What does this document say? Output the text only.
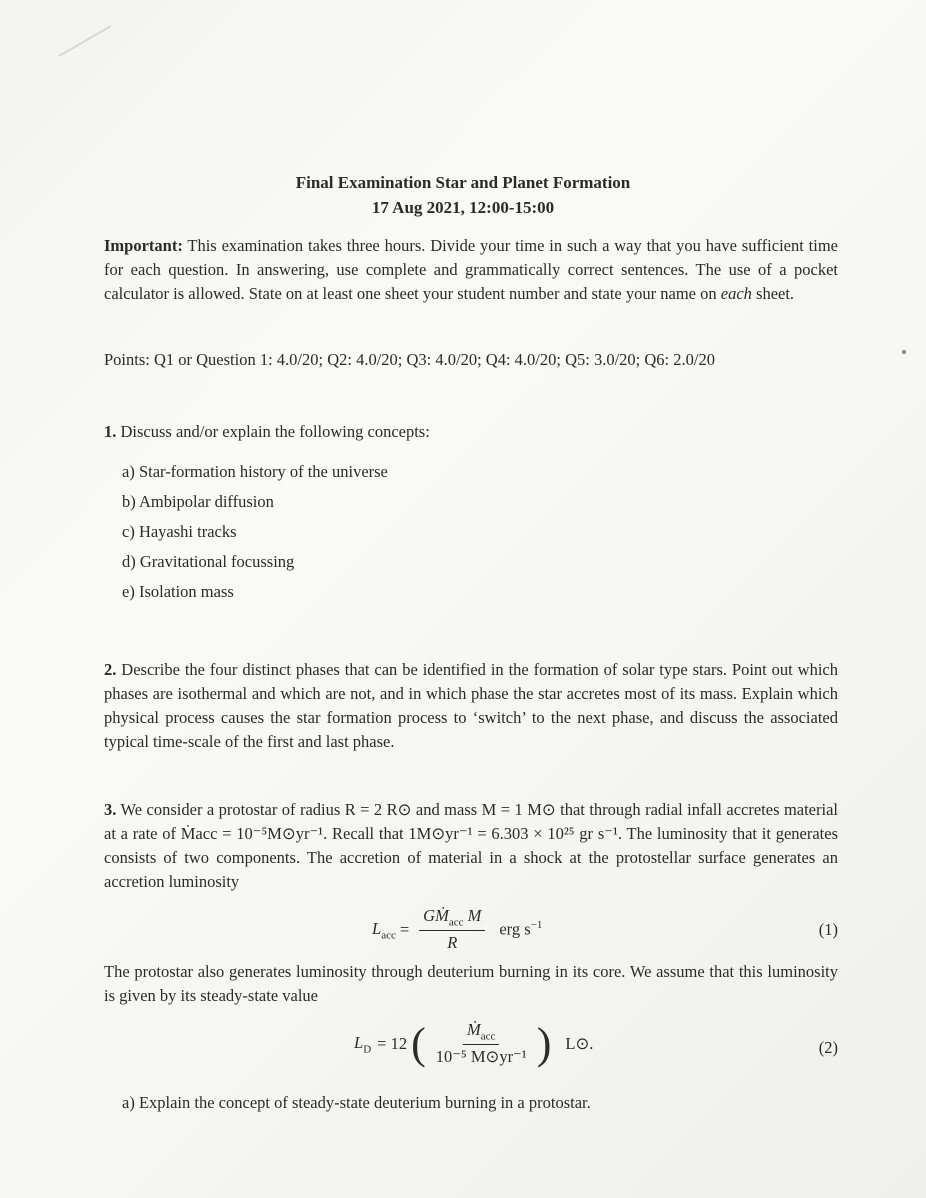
Final Examination Star and Planet Formation
17 Aug 2021, 12:00-15:00
Important: This examination takes three hours. Divide your time in such a way that you have sufficient time for each question. In answering, use complete and grammatically correct sentences. The use of a pocket calculator is allowed. State on at least one sheet your student number and state your name on each sheet.
Points: Q1 or Question 1: 4.0/20; Q2: 4.0/20; Q3: 4.0/20; Q4: 4.0/20; Q5: 3.0/20; Q6: 2.0/20
1. Discuss and/or explain the following concepts:
a) Star-formation history of the universe
b) Ambipolar diffusion
c) Hayashi tracks
d) Gravitational focussing
e) Isolation mass
2. Describe the four distinct phases that can be identified in the formation of solar type stars. Point out which phases are isothermal and which are not, and in which phase the star accretes most of its mass. Explain which physical process causes the star formation process to ‘switch’ to the next phase, and discuss the associated typical time-scale of the first and last phase.
3. We consider a protostar of radius R = 2 R⊙ and mass M = 1 M⊙ that through radial infall accretes material at a rate of Ṁacc = 10⁻⁵M⊙yr⁻¹. Recall that 1M⊙yr⁻¹ = 6.303 × 10²⁵ gr s⁻¹. The luminosity that it generates consists of two components. The accretion of material in a shock at the protostellar surface generates an accretion luminosity
$L_{acc} = \frac{GṀ_{acc} M}{R}$ erg $s^{-1}$	(1)
The protostar also generates luminosity through deuterium burning in its core. We assume that this luminosity is given by its steady-state value
$L_D = 12$ ( $\frac{Ṁ_{acc}}{\text{10⁻⁵ M⊙yr⁻¹}}$ ) L⊙.	(2)
a) Explain the concept of steady-state deuterium burning in a protostar.
